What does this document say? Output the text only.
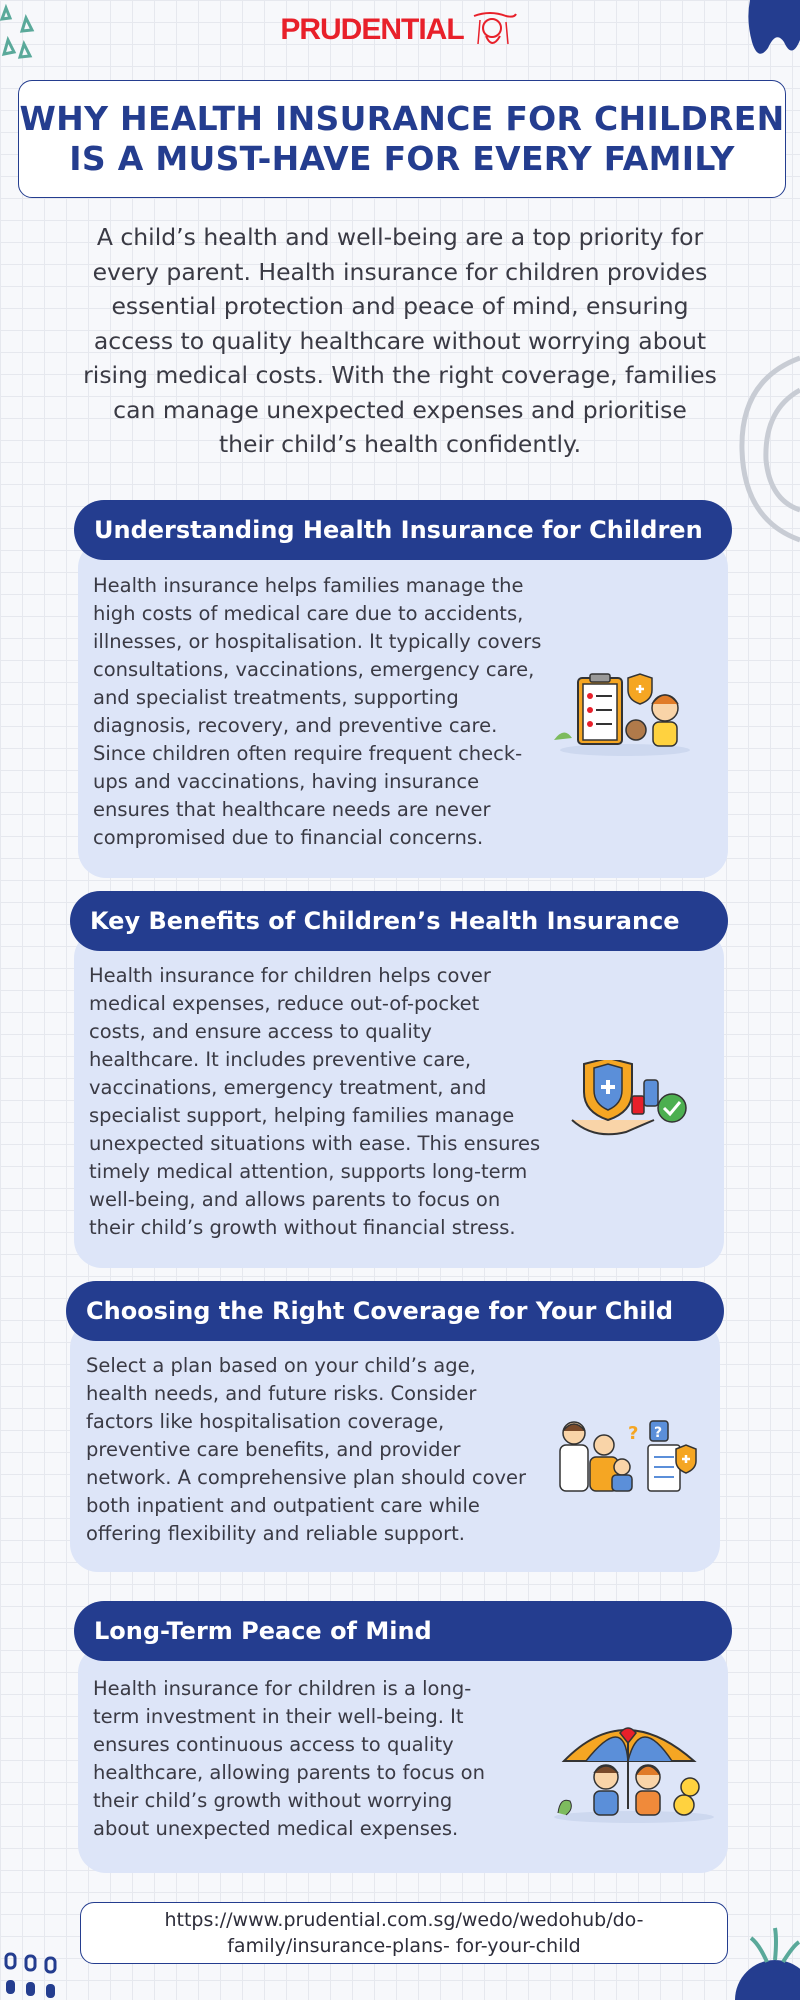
PRUDENTIAL
WHY HEALTH INSURANCE FOR CHILDREN
IS A MUST-HAVE FOR EVERY FAMILY
A child’s health and well-being are a top priority for
every parent. Health insurance for children provides
essential protection and peace of mind, ensuring
access to quality healthcare without worrying about
rising medical costs. With the right coverage, families
can manage unexpected expenses and prioritise
their child’s health confidently.
Health insurance helps families manage the
high costs of medical care due to accidents,
illnesses, or hospitalisation. It typically covers
consultations, vaccinations, emergency care,
and specialist treatments, supporting
diagnosis, recovery, and preventive care.
Since children often require frequent check-
ups and vaccinations, having insurance
ensures that healthcare needs are never
compromised due to financial concerns.
Understanding Health Insurance for Children
Health insurance for children helps cover
medical expenses, reduce out-of-pocket
costs, and ensure access to quality
healthcare. It includes preventive care,
vaccinations, emergency treatment, and
specialist support, helping families manage
unexpected situations with ease. This ensures
timely medical attention, supports long-term
well-being, and allows parents to focus on
their child’s growth without financial stress.
Key Benefits of Children’s Health Insurance
Select a plan based on your child’s age,
health needs, and future risks. Consider
factors like hospitalisation coverage,
preventive care benefits, and provider
network. A comprehensive plan should cover
both inpatient and outpatient care while
offering flexibility and reliable support.
? ?
Choosing the Right Coverage for Your Child
Health insurance for children is a long-
term investment in their well-being. It
ensures continuous access to quality
healthcare, allowing parents to focus on
their child’s growth without worrying
about unexpected medical expenses.
Long-Term Peace of Mind
https://www.prudential.com.sg/wedo/wedohub/do-
family/insurance-plans- for-your-child
